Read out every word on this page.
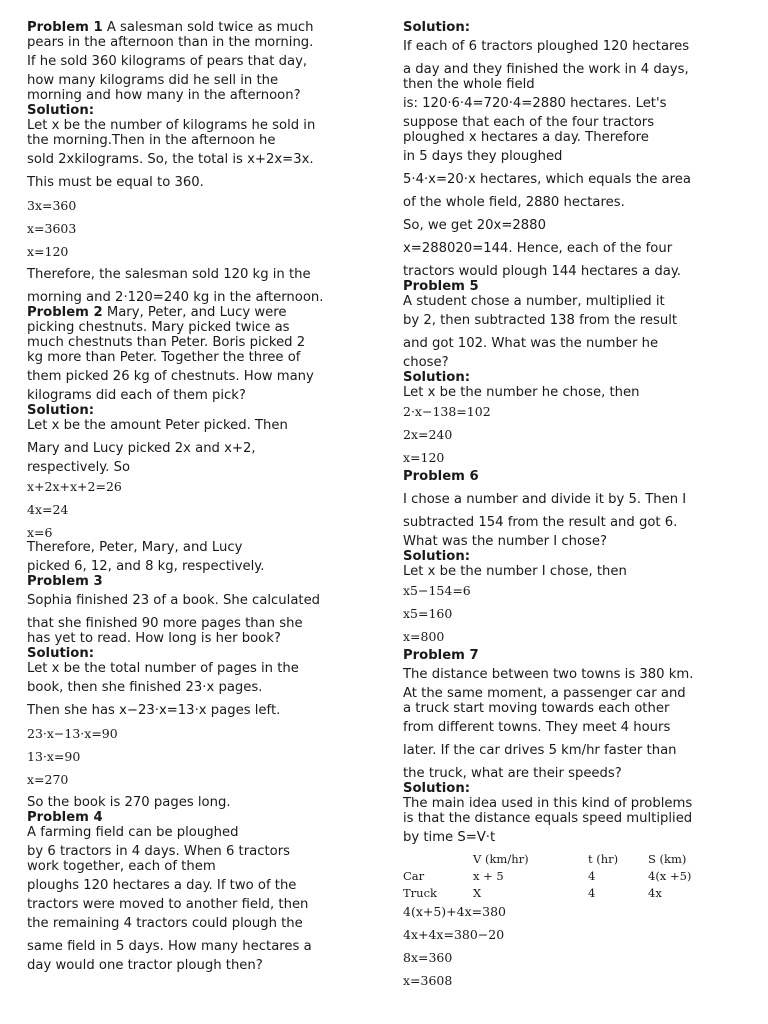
Problem 1 A salesman sold twice as much

pears in the afternoon than in the morning.

If he sold 360 kilograms of pears that day,

how many kilograms did he sell in the

morning and how many in the afternoon?

Solution:

Let x be the number of kilograms he sold in

the morning.Then in the afternoon he

sold 2xkilograms. So, the total is x+2x=3x.

This must be equal to 360.

3x=360

x=3603

x=120

Therefore, the salesman sold 120 kg in the

morning and 2·120=240 kg in the afternoon.

Problem 2 Mary, Peter, and Lucy were

picking chestnuts. Mary picked twice as

much chestnuts than Peter. Boris picked 2

kg more than Peter. Together the three of

them picked 26 kg of chestnuts. How many

kilograms did each of them pick?

Solution:

Let x be the amount Peter picked. Then

Mary and Lucy picked 2x and x+2,

respectively. So

x+2x+x+2=26

4x=24

x=6

Therefore, Peter, Mary, and Lucy

picked 6, 12, and 8 kg, respectively.

Problem 3

Sophia finished 23 of a book. She calculated

that she finished 90 more pages than she

has yet to read. How long is her book?

Solution:

Let x be the total number of pages in the

book, then she finished 23·x pages.

Then she has x−23·x=13·x pages left.

23·x−13·x=90

13·x=90

x=270

So the book is 270 pages long.

Problem 4

A farming field can be ploughed

by 6 tractors in 4 days. When 6 tractors

work together, each of them

ploughs 120 hectares a day. If two of the

tractors were moved to another field, then

the remaining 4 tractors could plough the

same field in 5 days. How many hectares a

day would one tractor plough then?

Solution:

If each of 6 tractors ploughed 120 hectares

a day and they finished the work in 4 days,

then the whole field

is: 120·6·4=720·4=2880 hectares. Let's

suppose that each of the four tractors

ploughed x hectares a day. Therefore

in 5 days they ploughed

5·4·x=20·x hectares, which equals the area

of the whole field, 2880 hectares.

So, we get 20x=2880

x=288020=144. Hence, each of the four

tractors would plough 144 hectares a day.

Problem 5

A student chose a number, multiplied it

by 2, then subtracted 138 from the result

and got 102. What was the number he

chose?

Solution:

Let x be the number he chose, then

2·x−138=102

2x=240

x=120

Problem 6

I chose a number and divide it by 5. Then I

subtracted 154 from the result and got 6.

What was the number I chose?

Solution:

Let x be the number I chose, then

x5−154=6

x5=160

x=800

Problem 7

The distance between two towns is 380 km.

At the same moment, a passenger car and

a truck start moving towards each other

from different towns. They meet 4 hours

later. If the car drives 5 km/hr faster than

the truck, what are their speeds?

Solution:

The main idea used in this kind of problems

is that the distance equals speed multiplied

by time S=V·t

	V (km/hr)	t (hr)	S (km)
Car	x + 5	4	4(x +5)
Truck	X	4	4x

4(x+5)+4x=380

4x+4x=380−20

8x=360

x=3608
